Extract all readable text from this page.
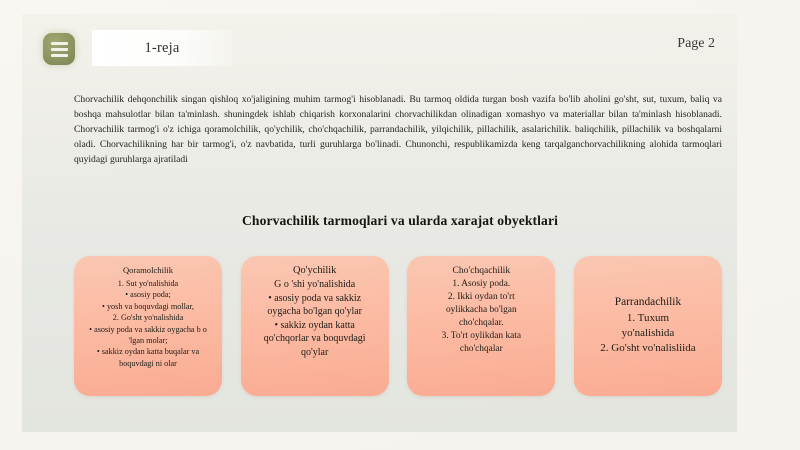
1-reja	Page 2

Chorvachilik dehqonchilik singan qishloq xo'jaligining muhim tarmog'i hisoblanadi. Bu tarmoq oldida turgan bosh vazifa bo'lib aholini go'sht, sut, tuxum, baliq va boshqa mahsulotlar bilan ta'minlash. shuningdek ishlab chiqarish korxonalarini chorvachilikdan olinadigan xomashyo va materiallar bilan ta'minlash hisoblanadi. Chorvachilik tarmog'i o'z ichiga qoramolchilik, qo'ychilik, cho'chqachilik, parrandachilik, yilqichilik, pillachilik, asalarichilik. baliqchilik, pillachilik va boshqalarni oladi. Chorvachilikning har bir tarmog'i, o'z navbatida, turli guruhlarga bo'linadi. Chunonchi, respublikamizda keng tarqalganchorvachilikning alohida tarmoqlari quyidagi guruhlarga ajratiladi

Chorvachilik tarmoqlari va ularda xarajat obyektlari
Qoramolchilik
1. Sut yo'nalishida
• asosiy poda;
• yosh va boquvdagi mollar,
2. Go'sht yo'nalishida
• asosiy poda va sakkiz oygacha b o
'lgan molar;
• sakkiz oydan katta buqalar va
boquvdagi ni olar
Qo'ychilik
G o 'shi yo'nalishida
• asosiy poda va sakkiz
oygacha bo'lgan qo'ylar
• sakkiz oydan katta
qo'chqorlar va boquvdagi
qo'ylar
Cho'chqachilik
1. Asosiy poda.
2. Ikki oydan to'rt
oylikkacha bo'lgan
cho'chqalar.
3. To'rt oylikdan kata
cho'chqalar
Parrandachilik
1. Tuxum
yo'nalishida
2. Go'sht vo'nalisliida
